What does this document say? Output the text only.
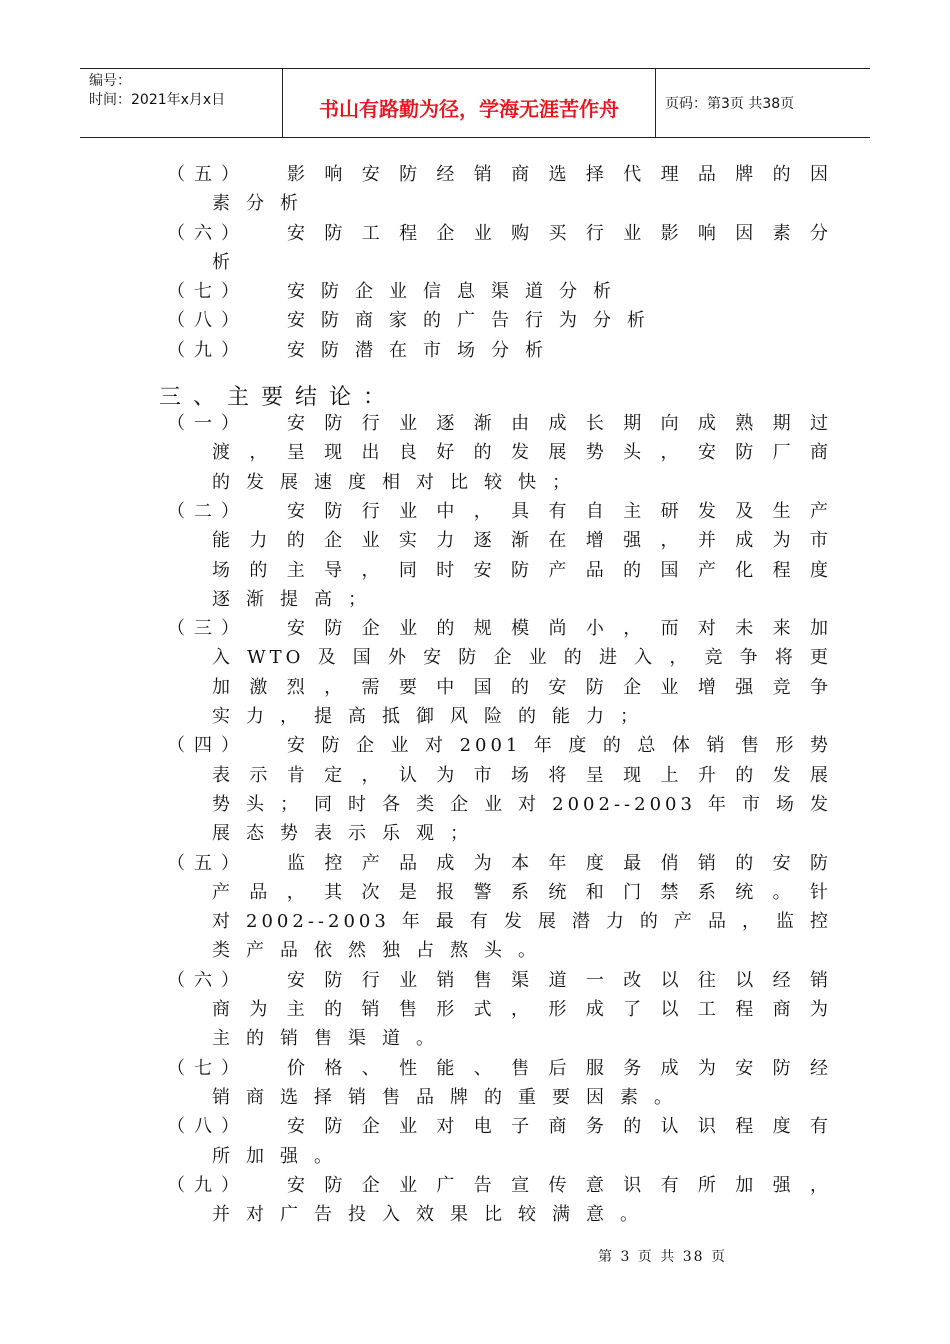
编号：
时间：2021年x月x日	书山有路勤为径，学海无涯苦作舟	页码：第3页 共38页
（五）	影响安防经销商选择代理品牌的因
素分析
（六）	安防工程企业购买行业影响因素分
析
（七）	安防企业信息渠道分析
（八）	安防商家的广告行为分析
（九）	安防潜在市场分析
三、主要结论：
（一）	安防行业逐渐由成长期向成熟期过
渡，呈现出良好的发展势头，安防厂商
的发展速度相对比较快；
（二）	安防行业中，具有自主研发及生产
能力的企业实力逐渐在增强，并成为市
场的主导，同时安防产品的国产化程度
逐渐提高；
（三）	安防企业的规模尚小，而对未来加
入WTO及国外安防企业的进入，竞争将更
加激烈，需要中国的安防企业增强竞争
实力，提高抵御风险的能力；
（四）	安防企业对2001年度的总体销售形势
表示肯定，认为市场将呈现上升的发展
势头；同时各类企业对2002--2003年市场发
展态势表示乐观；
（五）	监控产品成为本年度最俏销的安防
产品，其次是报警系统和门禁系统。针
对2002--2003年最有发展潜力的产品，监控
类产品依然独占熬头。
（六）	安防行业销售渠道一改以往以经销
商为主的销售形式，形成了以工程商为
主的销售渠道。
（七）	价格、性能、售后服务成为安防经
销商选择销售品牌的重要因素。
（八）	安防企业对电子商务的认识程度有
所加强。
（九）	安防企业广告宣传意识有所加强，
并对广告投入效果比较满意。
第 3 页 共 38 页
